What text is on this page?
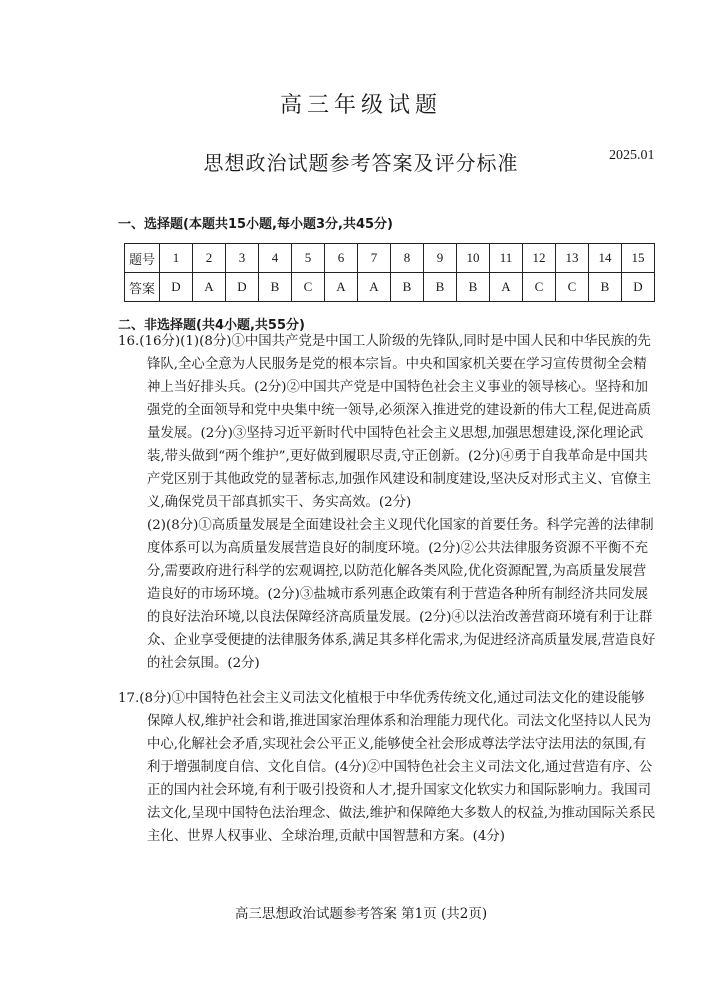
高三年级试题
思想政治试题参考答案及评分标准	2025.01
一、选择题(本题共15小题,每小题3分,共45分)
题号	1	2	3	4	5	6	7	8	9	10	11	12	13	14	15
答案	D	A	D	B	C	A	A	B	B	B	A	C	C	B	D
二、非选择题(共4小题,共55分)

16.(16分)(1)(8分)①中国共产党是中国工人阶级的先锋队,同时是中国人民和中华民族的先锋队,全心全意为人民服务是党的根本宗旨。中央和国家机关要在学习宣传贯彻全会精神上当好排头兵。(2分)②中国共产党是中国特色社会主义事业的领导核心。坚持和加强党的全面领导和党中央集中统一领导,必须深入推进党的建设新的伟大工程,促进高质量发展。(2分)③坚持习近平新时代中国特色社会主义思想,加强思想建设,深化理论武装,带头做到“两个维护”,更好做到履职尽责,守正创新。(2分)④勇于自我革命是中国共产党区别于其他政党的显著标志,加强作风建设和制度建设,坚决反对形式主义、官僚主义,确保党员干部真抓实干、务实高效。(2分)

(2)(8分)①高质量发展是全面建设社会主义现代化国家的首要任务。科学完善的法律制度体系可以为高质量发展营造良好的制度环境。(2分)②公共法律服务资源不平衡不充分,需要政府进行科学的宏观调控,以防范化解各类风险,优化资源配置,为高质量发展营造良好的市场环境。(2分)③盐城市系列惠企政策有利于营造各种所有制经济共同发展的良好法治环境,以良法保障经济高质量发展。(2分)④以法治改善营商环境有利于让群众、企业享受便捷的法律服务体系,满足其多样化需求,为促进经济高质量发展,营造良好的社会氛围。(2分)

17.(8分)①中国特色社会主义司法文化植根于中华优秀传统文化,通过司法文化的建设能够保障人权,维护社会和谐,推进国家治理体系和治理能力现代化。司法文化坚持以人民为中心,化解社会矛盾,实现社会公平正义,能够使全社会形成尊法学法守法用法的氛围,有利于增强制度自信、文化自信。(4分)②中国特色社会主义司法文化,通过营造有序、公正的国内社会环境,有利于吸引投资和人才,提升国家文化软实力和国际影响力。我国司法文化,呈现中国特色法治理念、做法,维护和保障绝大多数人的权益,为推动国际关系民主化、世界人权事业、全球治理,贡献中国智慧和方案。(4分)

高三思想政治试题参考答案 第1页 (共2页)
